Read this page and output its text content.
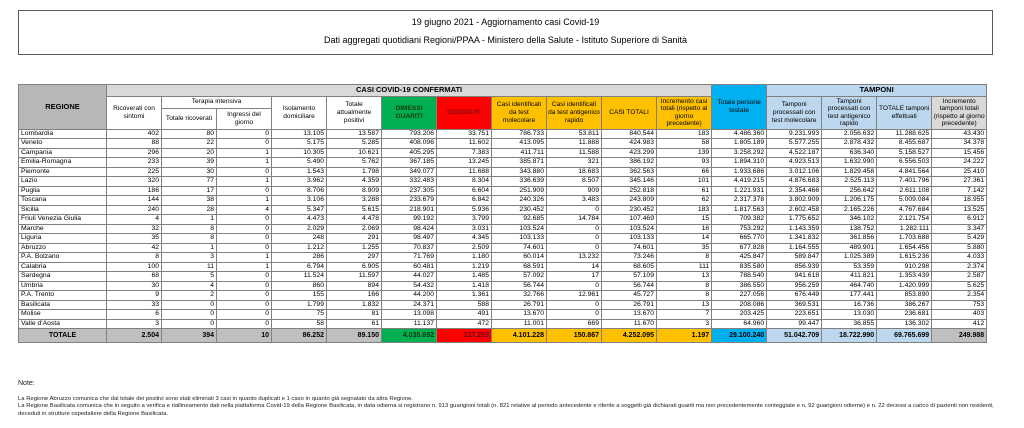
19 giugno 2021 - Aggiornamento casi Covid-19
Dati aggregati quotidiani Regioni/PPAA - Ministero della Salute - Istituto Superiore di Sanità
REGIONE	CASI COVID-19 CONFERMATI											Totale persone testate	TAMPONI			
	Ricoverati con sintomi	Terapia intensiva		Isolamento domiciliare	Totale attualmente positivi	DIMESSI GUARITI	DECEDUTI	Casi identificati da test molecolare	Casi identificati da test antigenico rapido	CASI TOTALI	Incremento casi totali (rispetto al giorno precedente)		Tamponi processati con test molecolare	Tamponi processati con test antigenico rapido	TOTALE tamponi effettuati	Incremento tamponi totali (rispetto al giorno precedente)
		Totale ricoverati	Ingressi del giorno													
Lombardia	402	80	0	13.105	13.587	793.206	33.751	786.733	53.811	840.544	183	4.486.360	9.231.993	2.056.632	11.288.625	43.430
Veneto	88	22	0	5.175	5.285	408.096	11.602	413.095	11.888	424.983	58	1.805.189	5.577.255	2.878.432	8.455.687	34.378
Campania	296	20	1	10.305	10.621	405.295	7.383	411.711	11.588	423.299	139	3.258.292	4.522.187	636.340	5.158.527	15.456
Emilia-Romagna	233	39	1	5.490	5.762	367.185	13.245	385.871	321	386.192	93	1.894.310	4.923.513	1.632.990	6.556.503	24.222
Piemonte	225	30	0	1.543	1.798	349.077	11.688	343.880	18.683	362.563	66	1.933.686	3.012.106	1.829.458	4.841.564	25.410
Lazio	320	77	1	3.962	4.359	332.483	8.304	336.639	8.507	345.146	101	4.419.215	4.876.683	2.525.113	7.401.796	27.361
Puglia	186	17	0	8.706	8.909	237.305	6.604	251.909	909	252.818	61	1.221.931	2.354.466	256.642	2.611.108	7.142
Toscana	144	38	1	3.106	3.288	233.679	6.842	240.326	3.483	243.809	62	2.317.378	3.802.909	1.206.175	5.009.084	18.955
Sicilia	240	28	4	5.347	5.615	218.901	5.936	230.452	0	230.452	183	1.817.563	2.602.458	2.165.226	4.767.684	13.525
Friuli Venezia Giulia	4	1	0	4.473	4.478	99.192	3.799	92.685	14.784	107.469	15	709.382	1.775.652	346.102	2.121.754	6.912
Marche	32	8	0	2.029	2.069	98.424	3.031	103.524	0	103.524	16	753.292	1.143.359	138.752	1.282.111	3.347
Liguria	35	8	0	248	291	98.497	4.345	103.133	0	103.133	14	665.770	1.341.832	361.856	1.703.688	5.429
Abruzzo	42	1	0	1.212	1.255	70.837	2.509	74.601	0	74.601	35	677.828	1.164.555	489.901	1.654.456	5.880
P.A. Bolzano	8	3	1	286	297	71.769	1.180	60.014	13.232	73.246	8	425.847	589.847	1.025.389	1.615.236	4.033
Calabria	100	11	1	6.794	6.905	60.481	1.219	68.591	14	68.605	111	835.580	856.939	53.359	910.298	2.374
Sardegna	68	5	0	11.524	11.597	44.027	1.485	57.092	17	57.109	13	788.540	941.618	411.821	1.353.439	2.587
Umbria	30	4	0	860	894	54.432	1.418	56.744	0	56.744	8	386.550	956.259	464.740	1.420.999	5.625
P.A. Trento	9	2	0	155	166	44.200	1.361	32.766	12.961	45.727	8	227.056	676.449	177.441	853.890	2.354
Basilicata	33	0	0	1.799	1.832	24.371	588	26.791	0	26.791	13	208.086	369.531	16.736	386.267	753
Molise	6	0	0	75	81	13.098	491	13.670	0	13.670	7	203.425	223.651	13.030	236.681	403
Valle d'Aosta	3	0	0	58	61	11.137	472	11.001	669	11.670	3	64.960	99.447	36.855	136.302	412
TOTALE	2.504	394	10	86.252	89.150	4.035.692	127.253	4.101.228	150.867	4.252.095	1.197	29.100.240	51.042.709	18.722.990	69.765.699	249.988
Note:
La Regione Abruzzo comunica che dal totale dei positivi sono stati eliminati 3 casi in quanto duplicati e 1 caso in quanto già segnalato da altra Regione.
La Regione Basilicata comunica che in seguito a verifica e riallineamento dati nella piattaforma Covid-19 della Regione Basilicata, in data odierna si registrano n. 913 guarigioni totali (n. 821 relative al periodo antecedente e riferite a soggetti già dichiarati guariti ma non precedentemente conteggiate e n. 92 guarigioni odierne) e n. 22 decessi a carico di pazienti non residenti, deceduti in strutture ospedaliere della Regione Basilicata.
